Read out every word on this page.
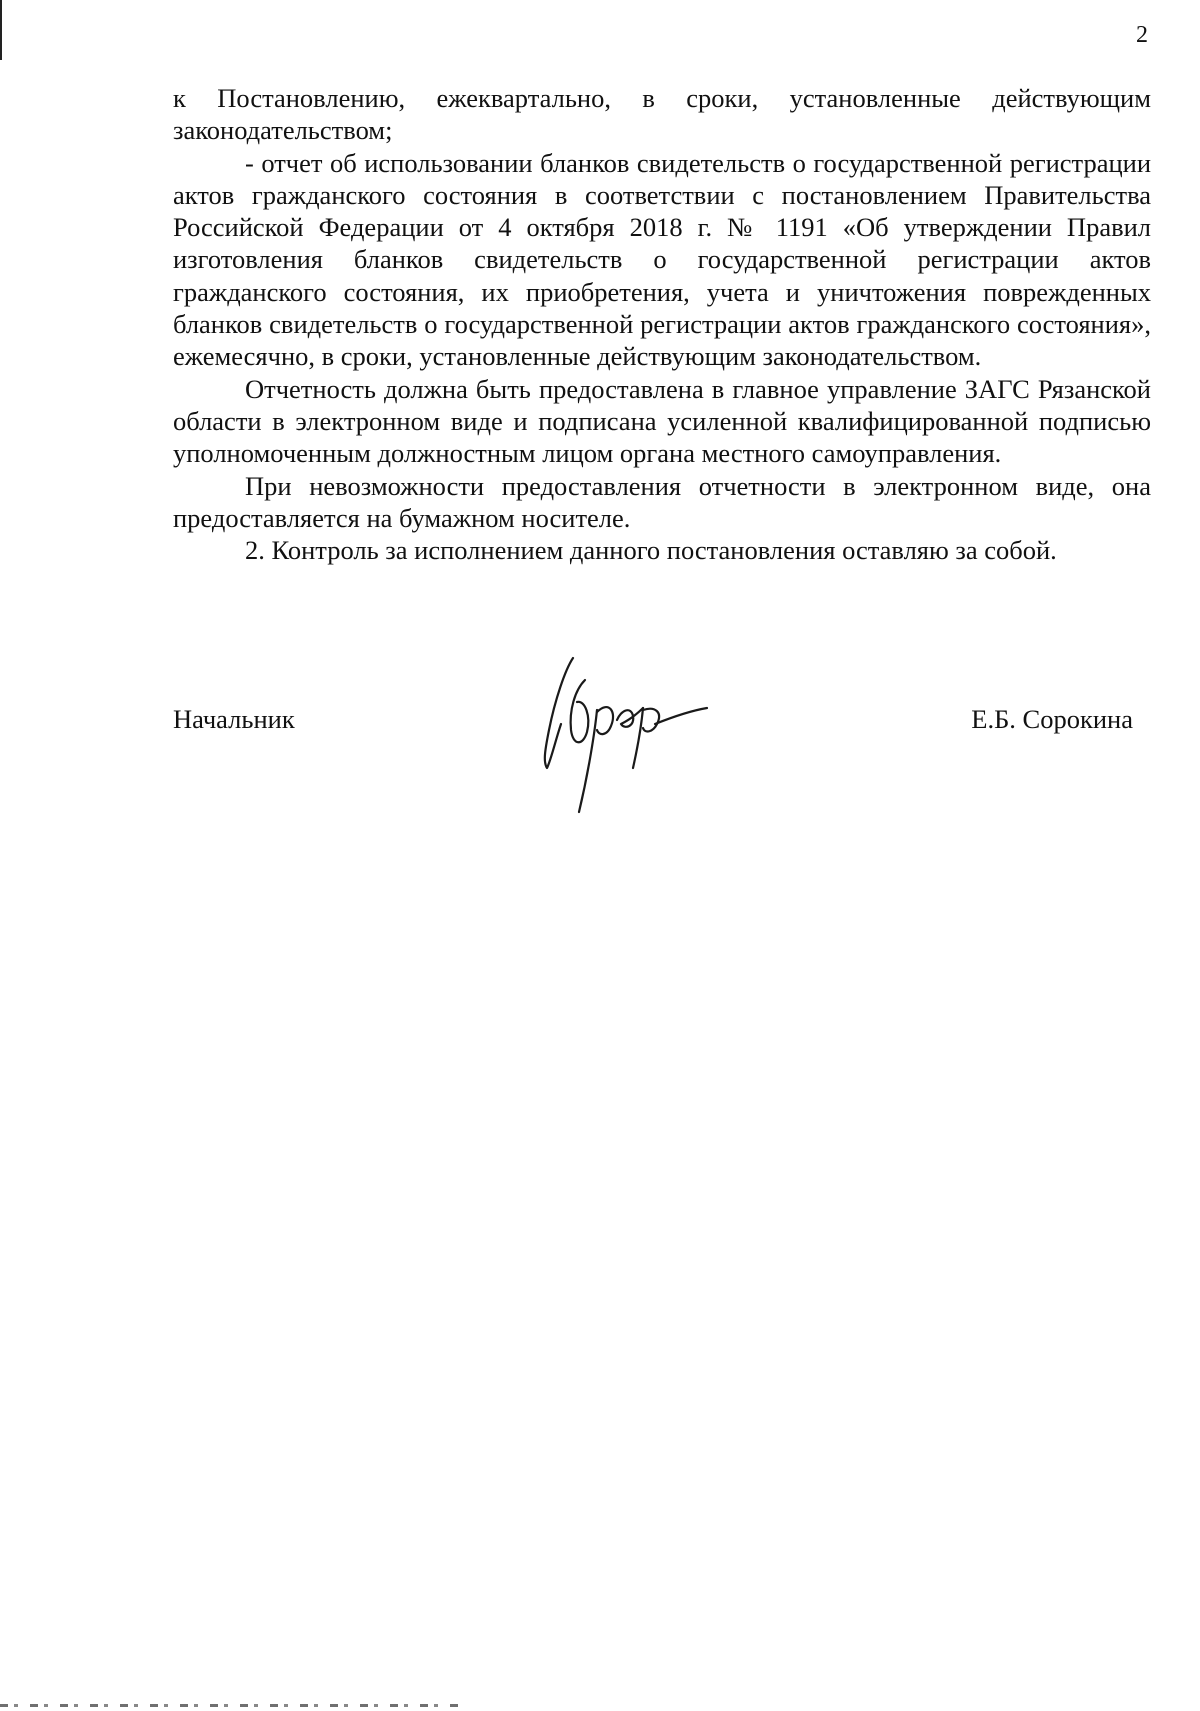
2

к Постановлению, ежеквартально, в сроки, установленные действующим законодательством;

- отчет об использовании бланков свидетельств о государственной регистрации актов гражданского состояния в соответствии с постановлением Правительства Российской Федерации от 4 октября 2018 г. № 1191 «Об утверждении Правил изготовления бланков свидетельств о государственной регистрации актов гражданского состояния, их приобретения, учета и уничтожения поврежденных бланков свидетельств о государственной регистрации актов гражданского состояния», ежемесячно, в сроки, установленные действующим законодательством.

Отчетность должна быть предоставлена в главное управление ЗАГС Рязанской области в электронном виде и подписана усиленной квалифицированной подписью уполномоченным должностным лицом органа местного самоуправления.

При невозможности предоставления отчетности в электронном виде, она предоставляется на бумажном носителе.

2. Контроль за исполнением данного постановления оставляю за собой.

Начальник	Е.Б. Сорокина
